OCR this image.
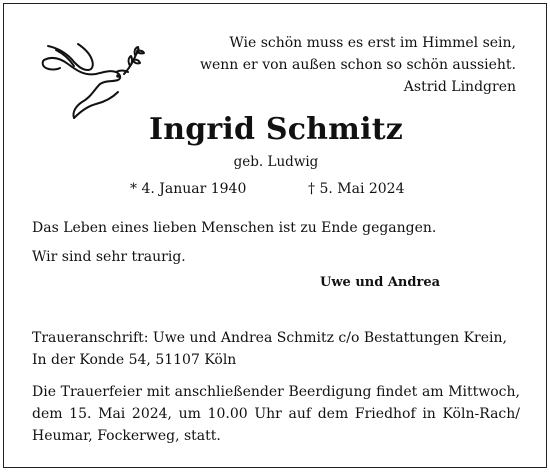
Wie schön muss es erst im Himmel sein,
wenn er von außen schon so schön aussieht.
Astrid Lindgren
Ingrid Schmitz
geb. Ludwig
* 4. Januar 1940	† 5. Mai 2024
Das Leben eines lieben Menschen ist zu Ende gegangen.
Wir sind sehr traurig.
Uwe und Andrea
Traueranschrift: Uwe und Andrea Schmitz c/o Bestattungen Krein,
In der Konde 54, 51107 Köln
Die Trauerfeier mit anschließender Beerdigung findet am Mittwoch, dem 15. Mai 2024, um 10.00 Uhr auf dem Friedhof in Köln-Rach/ Heumar, Fockerweg, statt.
